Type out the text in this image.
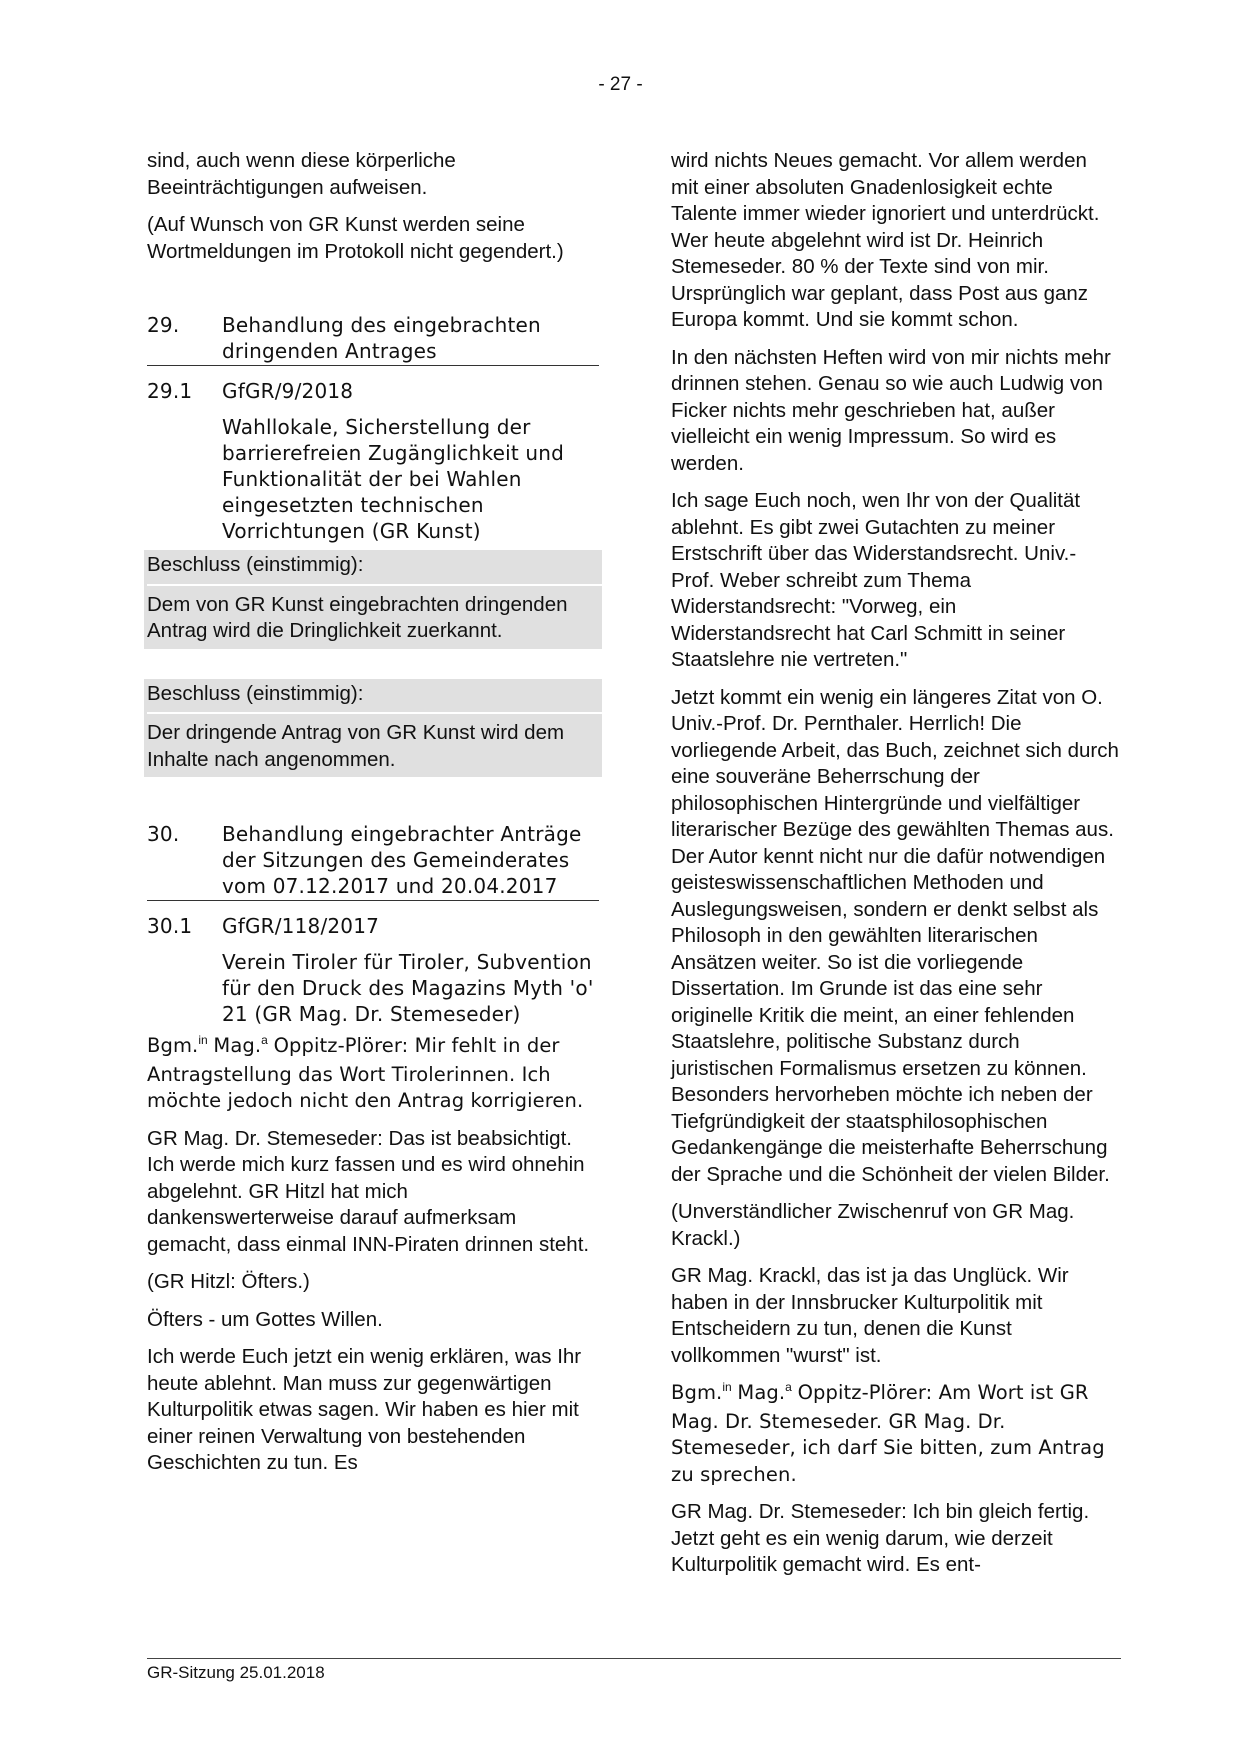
- 27 -

sind, auch wenn diese körperliche Beeinträchtigungen aufweisen.

(Auf Wunsch von GR Kunst werden seine Wortmeldungen im Protokoll nicht gegendert.)

29.	Behandlung des eingebrachten dringenden Antrages
29.1	GfGR/9/2018
Wahllokale, Sicherstellung der barrierefreien Zugänglichkeit und Funktionalität der bei Wahlen eingesetzten technischen Vorrichtungen (GR Kunst)
Beschluss (einstimmig):
Dem von GR Kunst eingebrachten dringenden Antrag wird die Dringlichkeit zuerkannt.
Beschluss (einstimmig):
Der dringende Antrag von GR Kunst wird dem Inhalte nach angenommen.
30.	Behandlung eingebrachter Anträge der Sitzungen des Gemeinderates vom 07.12.2017 und 20.04.2017
30.1	GfGR/118/2017
Verein Tiroler für Tiroler, Subvention für den Druck des Magazins Myth 'o' 21 (GR Mag. Dr. Stemeseder)

Bgm.$^{in}$ Mag.$^a$ Oppitz-Plörer: Mir fehlt in der Antragstellung das Wort Tirolerinnen. Ich möchte jedoch nicht den Antrag korrigieren.

GR Mag. Dr. Stemeseder: Das ist beabsichtigt. Ich werde mich kurz fassen und es wird ohnehin abgelehnt. GR Hitzl hat mich dankenswerterweise darauf aufmerksam gemacht, dass einmal INN-Piraten drinnen steht.

(GR Hitzl: Öfters.)

Öfters - um Gottes Willen.

Ich werde Euch jetzt ein wenig erklären, was Ihr heute ablehnt. Man muss zur gegenwärtigen Kulturpolitik etwas sagen. Wir haben es hier mit einer reinen Verwaltung von bestehenden Geschichten zu tun. Es

wird nichts Neues gemacht. Vor allem werden mit einer absoluten Gnadenlosigkeit echte Talente immer wieder ignoriert und unterdrückt. Wer heute abgelehnt wird ist Dr. Heinrich Stemeseder. 80 % der Texte sind von mir. Ursprünglich war geplant, dass Post aus ganz Europa kommt. Und sie kommt schon.

In den nächsten Heften wird von mir nichts mehr drinnen stehen. Genau so wie auch Ludwig von Ficker nichts mehr geschrieben hat, außer vielleicht ein wenig Impressum. So wird es werden.

Ich sage Euch noch, wen Ihr von der Qualität ablehnt. Es gibt zwei Gutachten zu meiner Erstschrift über das Widerstandsrecht. Univ.-Prof. Weber schreibt zum Thema Widerstandsrecht: "Vorweg, ein Widerstandsrecht hat Carl Schmitt in seiner Staatslehre nie vertreten."

Jetzt kommt ein wenig ein längeres Zitat von O. Univ.-Prof. Dr. Pernthaler. Herrlich! Die vorliegende Arbeit, das Buch, zeichnet sich durch eine souveräne Beherrschung der philosophischen Hintergründe und vielfältiger literarischer Bezüge des gewählten Themas aus. Der Autor kennt nicht nur die dafür notwendigen geisteswissenschaftlichen Methoden und Auslegungsweisen, sondern er denkt selbst als Philosoph in den gewählten literarischen Ansätzen weiter. So ist die vorliegende Dissertation. Im Grunde ist das eine sehr originelle Kritik die meint, an einer fehlenden Staatslehre, politische Substanz durch juristischen Formalismus ersetzen zu können. Besonders hervorheben möchte ich neben der Tiefgründigkeit der staatsphilosophischen Gedankengänge die meisterhafte Beherrschung der Sprache und die Schönheit der vielen Bilder.

(Unverständlicher Zwischenruf von GR Mag. Krackl.)

GR Mag. Krackl, das ist ja das Unglück. Wir haben in der Innsbrucker Kulturpolitik mit Entscheidern zu tun, denen die Kunst vollkommen "wurst" ist.

Bgm.$^{in}$ Mag.$^a$ Oppitz-Plörer: Am Wort ist GR Mag. Dr. Stemeseder. GR Mag. Dr. Stemeseder, ich darf Sie bitten, zum Antrag zu sprechen.

GR Mag. Dr. Stemeseder: Ich bin gleich fertig. Jetzt geht es ein wenig darum, wie derzeit Kulturpolitik gemacht wird. Es ent-

GR-Sitzung 25.01.2018
